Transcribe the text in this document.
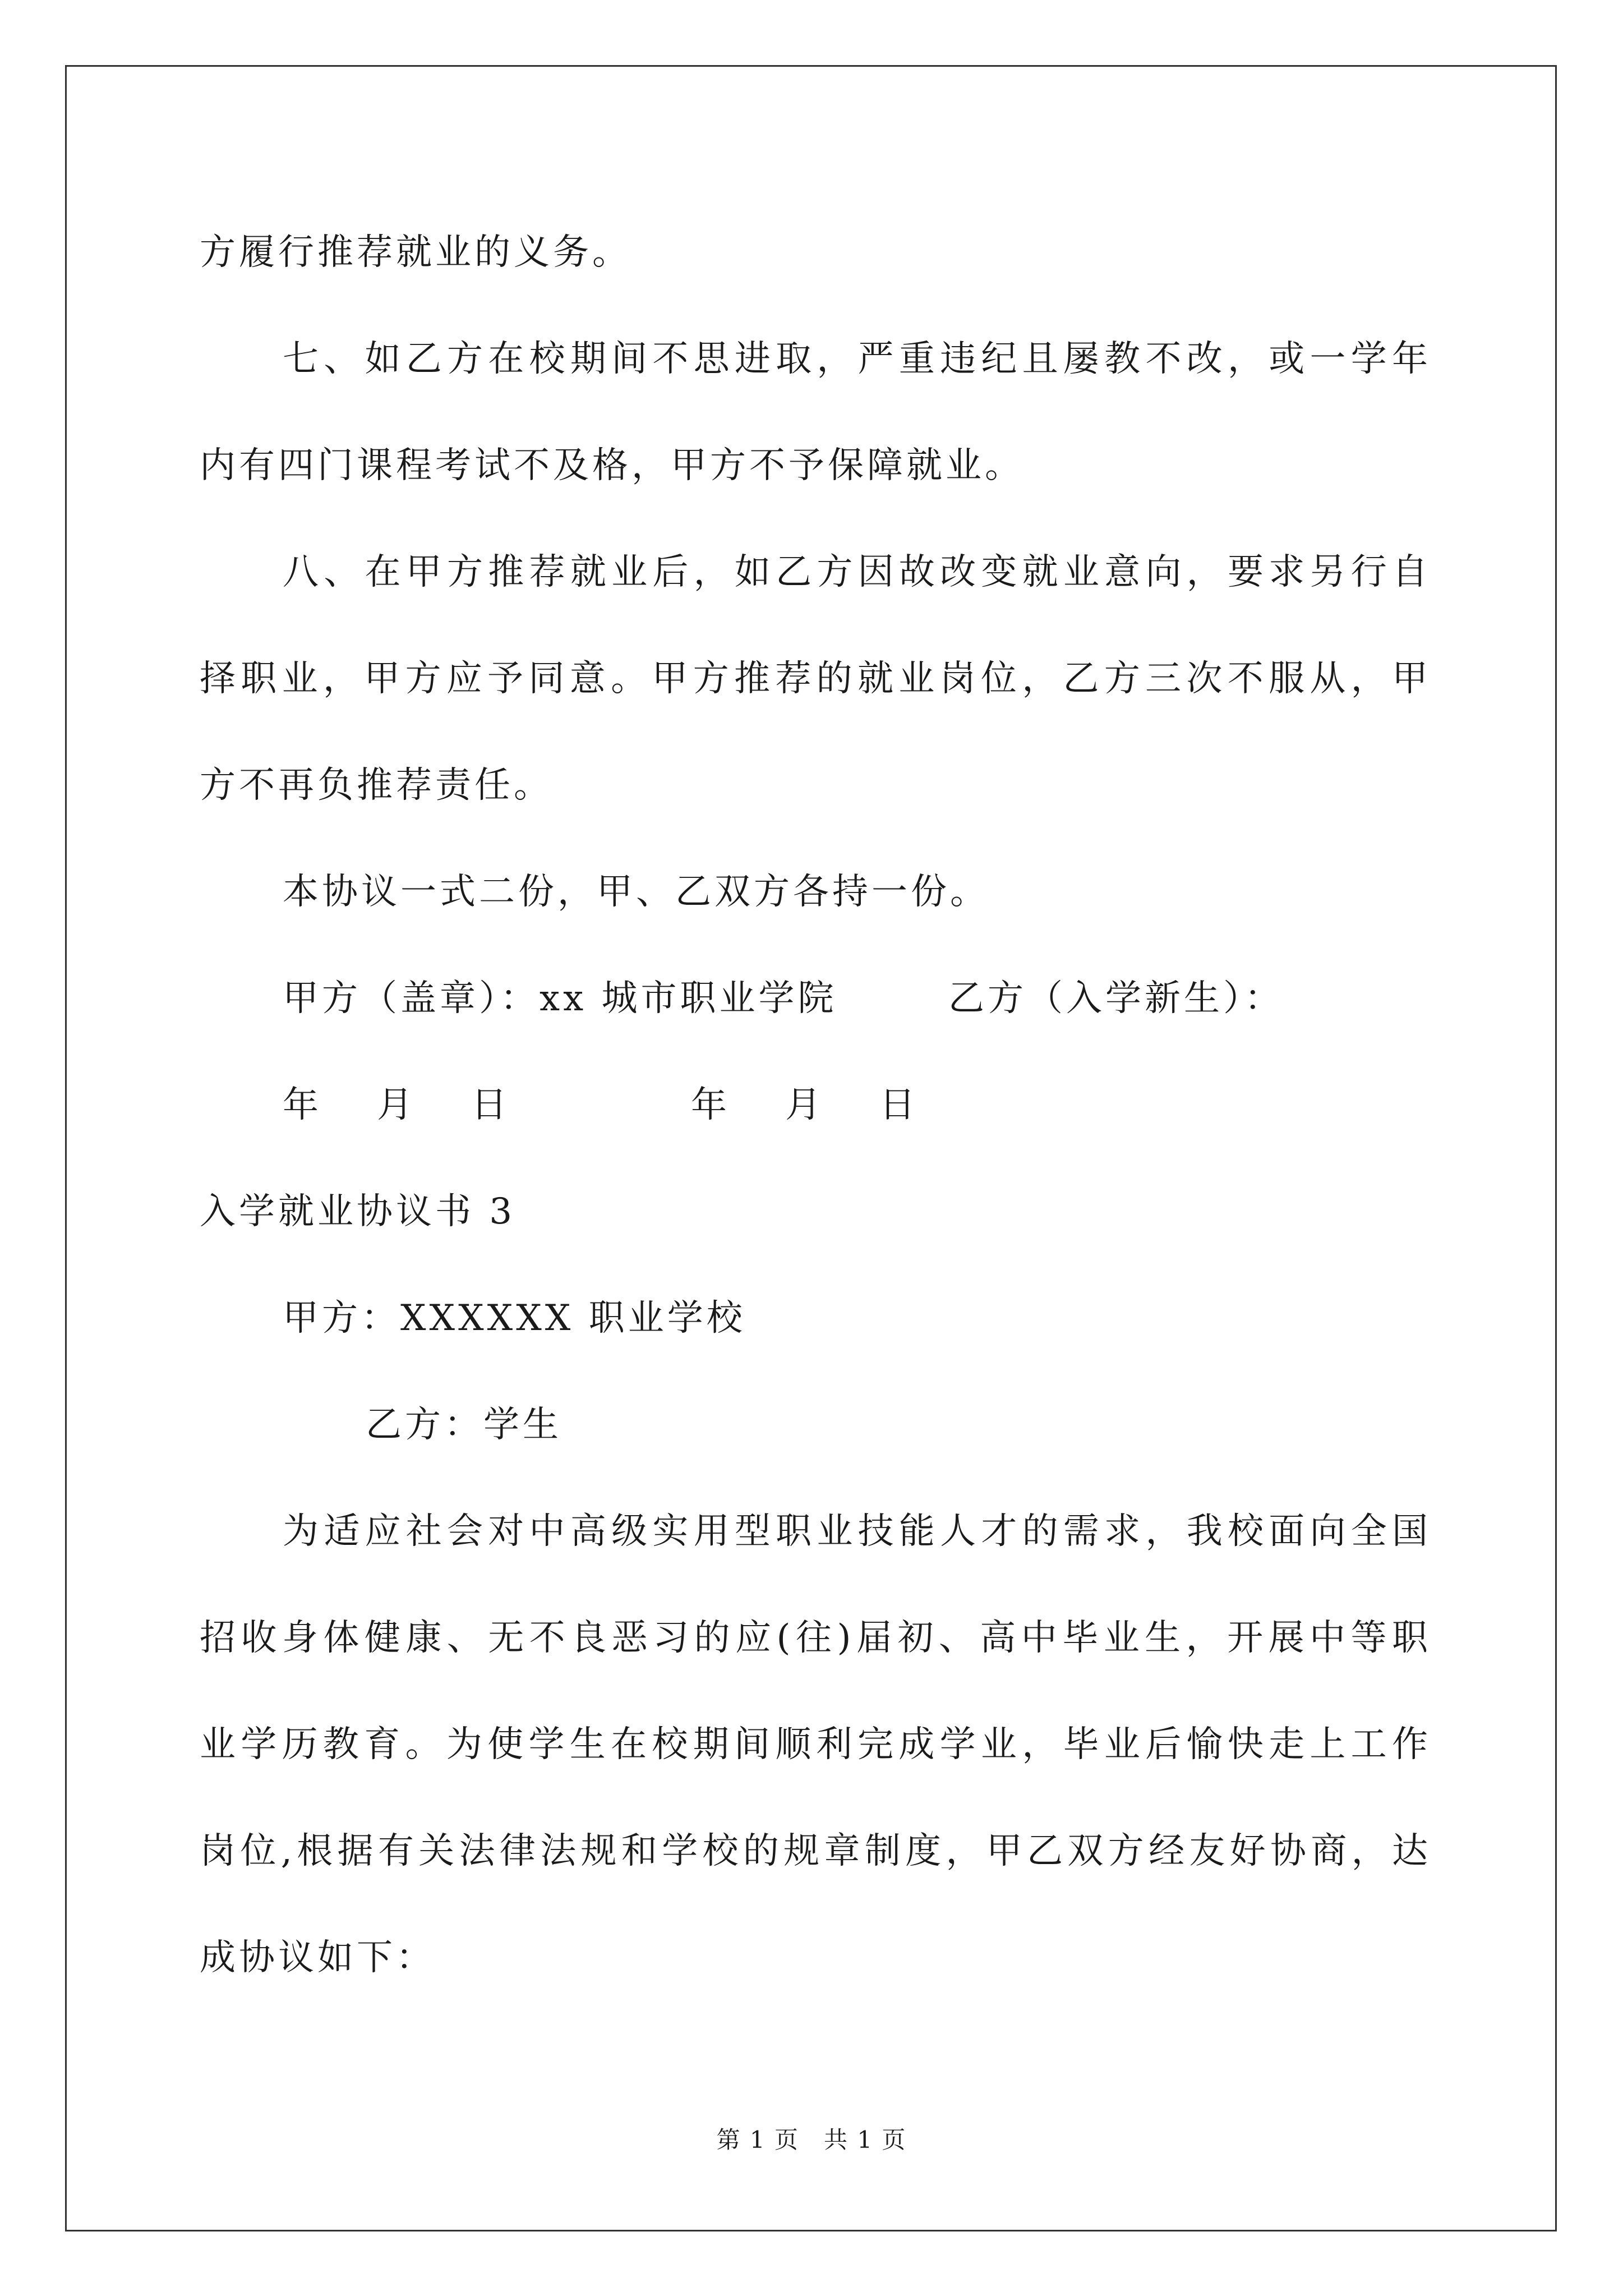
方履行推荐就业的义务。
七、如乙方在校期间不思进取，严重违纪且屡教不改，或一学年
内有四门课程考试不及格，甲方不予保障就业。
八、在甲方推荐就业后，如乙方因故改变就业意向，要求另行自
择职业，甲方应予同意。甲方推荐的就业岗位，乙方三次不服从，甲
方不再负推荐责任。
本协议一式二份，甲、乙双方各持一份。
甲方（盖章）：xx 城市职业学院	乙方（入学新生）：
年　月　日	年　月　日
入学就业协议书 3
甲方：XXXXXX 职业学校
乙方：学生
为适应社会对中高级实用型职业技能人才的需求，我校面向全国
招收身体健康、无不良恶习的应(往)届初、高中毕业生，开展中等职
业学历教育。为使学生在校期间顺利完成学业，毕业后愉快走上工作
岗位,根据有关法律法规和学校的规章制度，甲乙双方经友好协商，达
成协议如下：
第 1 页　共 1 页
